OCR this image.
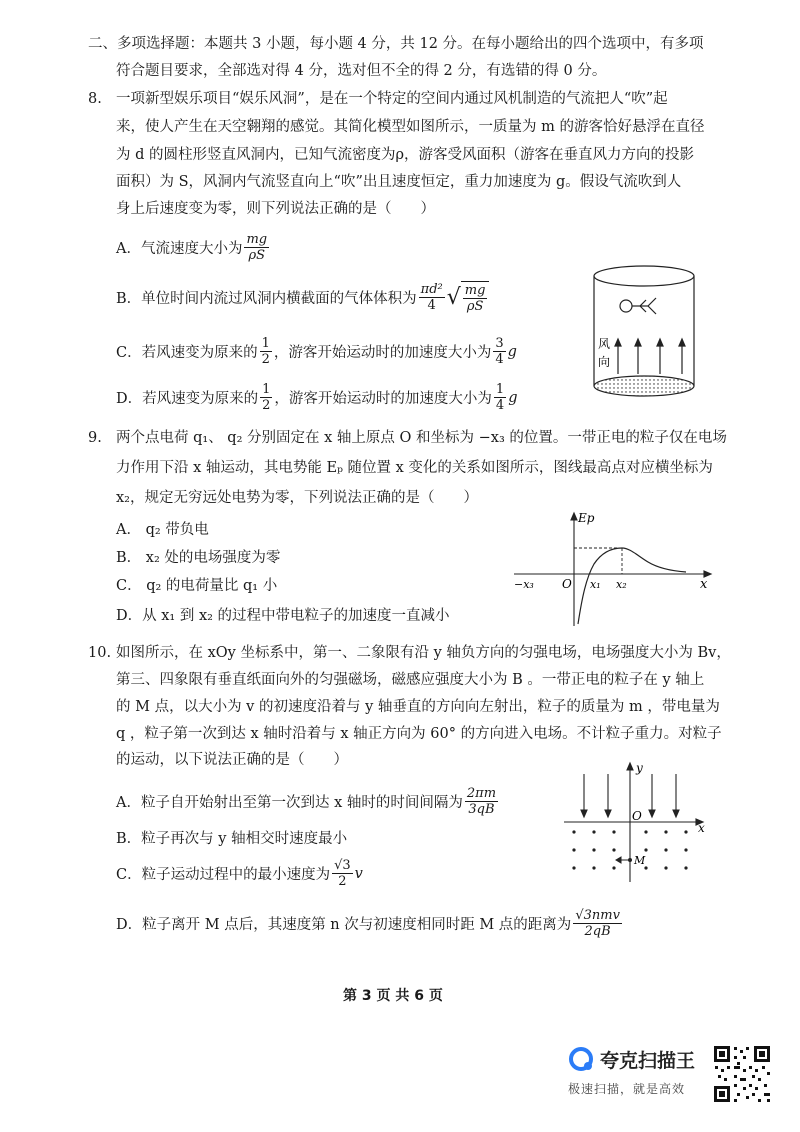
二、多项选择题：本题共 3 小题，每小题 4 分，共 12 分。在每小题给出的四个选项中，有多项
符合题目要求，全部选对得 4 分，选对但不全的得 2 分，有选错的得 0 分。
8. 一项新型娱乐项目“娱乐风洞”，是在一个特定的空间内通过风机制造的气流把人“吹”起
来，使人产生在天空翱翔的感觉。其简化模型如图所示，一质量为 m 的游客恰好悬浮在直径
为 d 的圆柱形竖直风洞内，已知气流密度为ρ，游客受风面积（游客在垂直风力方向的投影
面积）为 S，风洞内气流竖直向上“吹”出且速度恒定，重力加速度为 g。假设气流吹到人
身上后速度变为零，则下列说法正确的是（　　）
A．气流速度大小为 $\frac{mg}{\rho S}$
B．单位时间内流过风洞内横截面的气体体积为 $\frac{\text{πd²}}{4}$ √ $\frac{mg}{\rho S}$
C．若风速变为原来的 $\frac{1}{2}$ ，游客开始运动时的加速度大小为 $\frac{3}{4}$ g
D．若风速变为原来的 $\frac{1}{2}$ ，游客开始运动时的加速度大小为 $\frac{1}{4}$ g
风
向
9. 两个点电荷 q₁、 q₂ 分别固定在 x 轴上原点 O 和坐标为 −x₃ 的位置。一带正电的粒子仅在电场
力作用下沿 x 轴运动，其电势能 Eₚ 随位置 x 变化的关系如图所示，图线最高点对应横坐标为
x₂，规定无穷远处电势为零，下列说法正确的是（　　）
A． q₂ 带负电
B． x₂ 处的电场强度为零
C． q₂ 的电荷量比 q₁ 小
D．从 x₁ 到 x₂ 的过程中带电粒子的加速度一直减小
Ep
x
O x₁ x₂
−x₃
10. 如图所示，在 xOy 坐标系中，第一、二象限有沿 y 轴负方向的匀强电场，电场强度大小为 Bv，
第三、四象限有垂直纸面向外的匀强磁场，磁感应强度大小为 B 。一带正电的粒子在 y 轴上
的 M 点，以大小为 v 的初速度沿着与 y 轴垂直的方向向左射出，粒子的质量为 m ，带电量为
q ，粒子第一次到达 x 轴时沿着与 x 轴正方向为 60° 的方向进入电场。不计粒子重力。对粒子
的运动，以下说法正确的是（　　）
A．粒子自开始射出至第一次到达 x 轴时的时间间隔为 $\frac{2\pi m}{3qB}$
B．粒子再次与 y 轴相交时速度最小
C．粒子运动过程中的最小速度为 $\frac{√3}{2}$ v
D．粒子离开 M 点后，其速度第 n 次与初速度相同时距 M 点的距离为 $\frac{\text{√3nmv}}{2qB}$
y
x
O
M
第 3 页 共 6 页
夸克扫描王
极速扫描，就是高效
